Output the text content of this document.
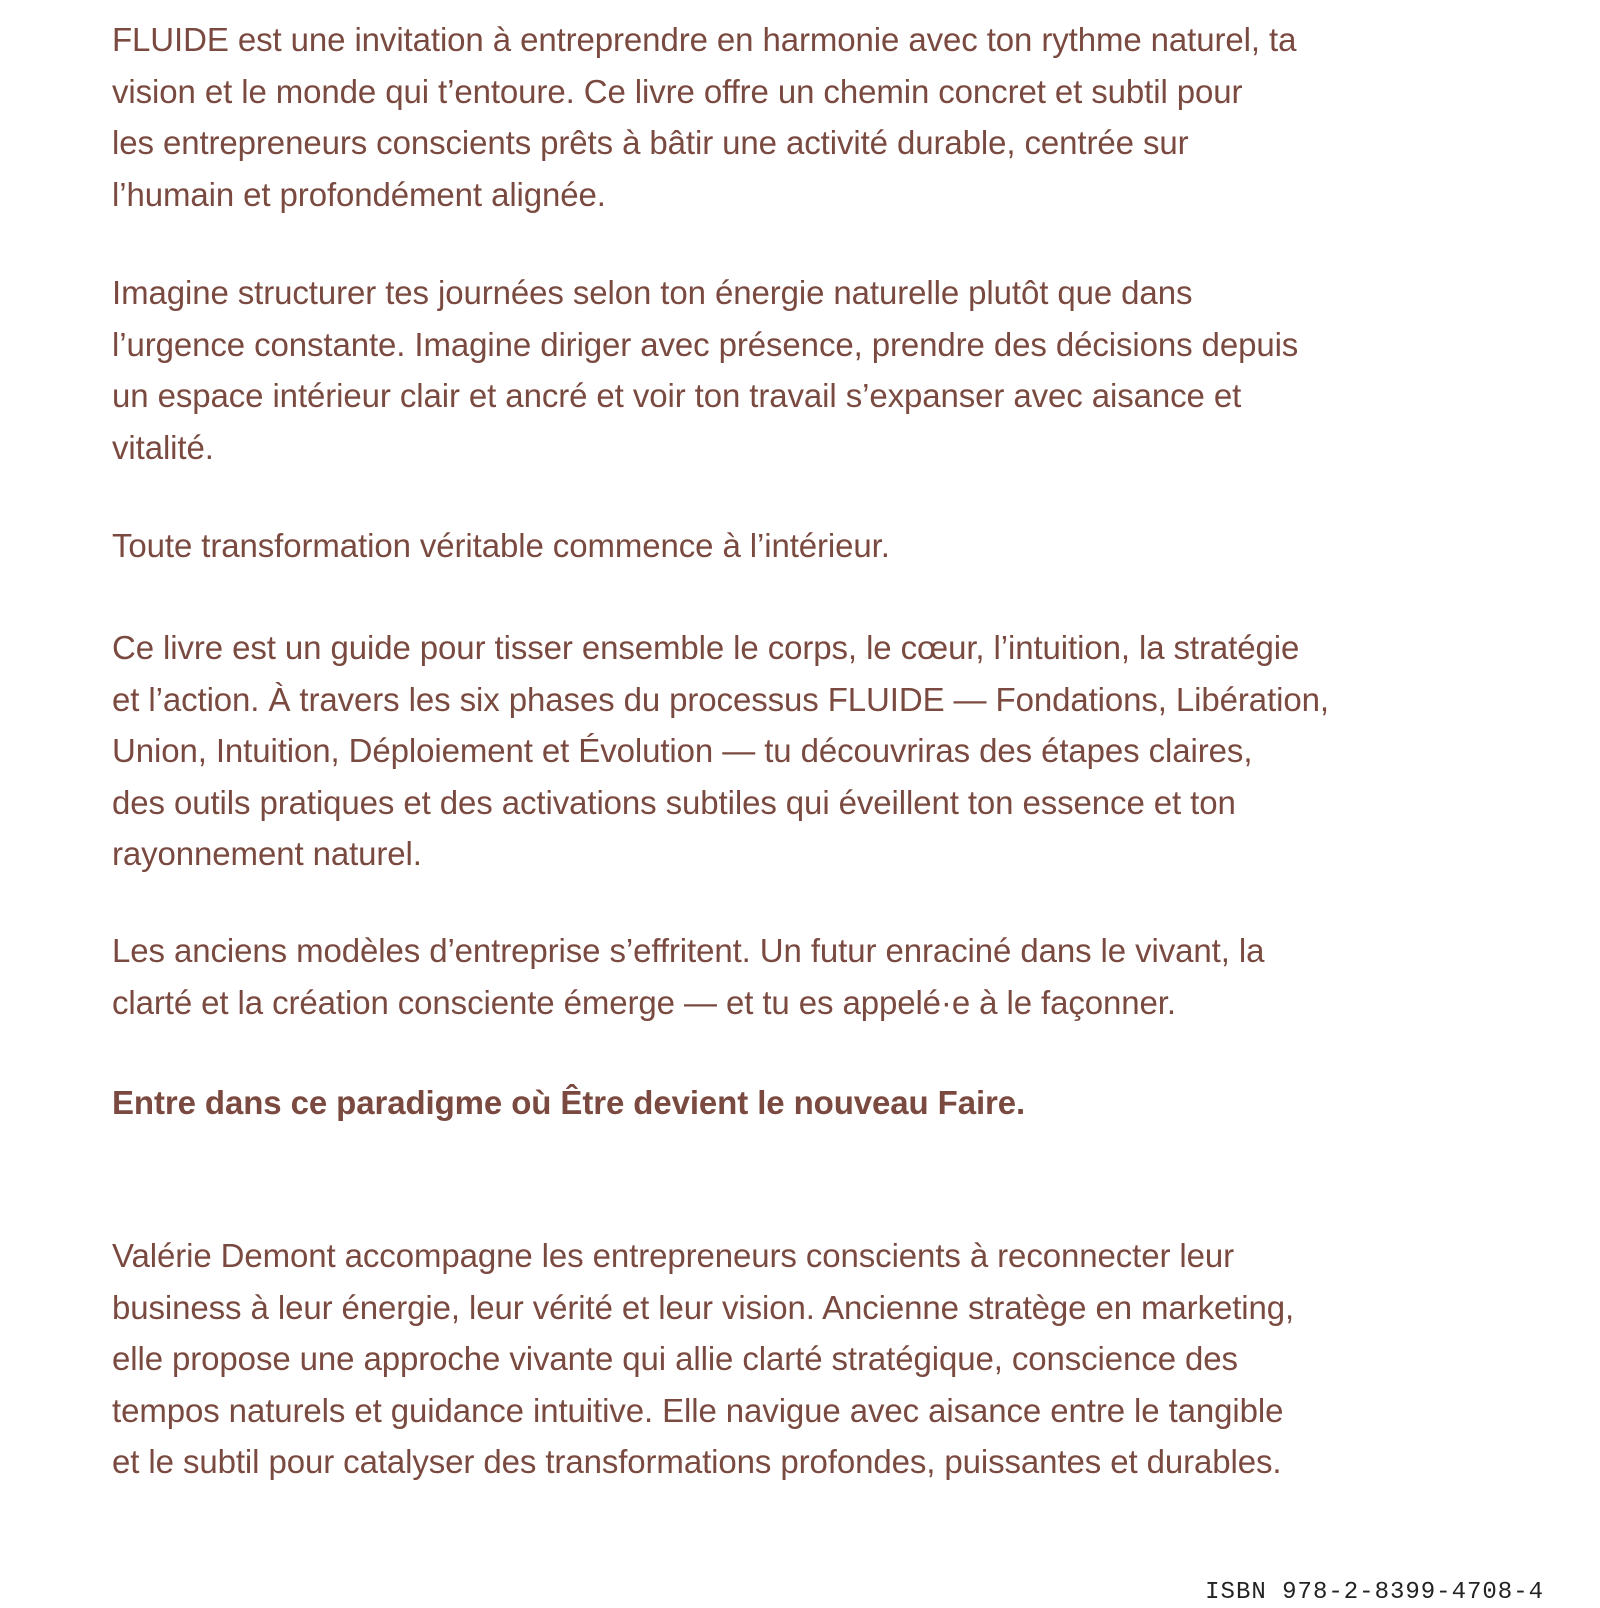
FLUIDE est une invitation à entreprendre en harmonie avec ton rythme naturel, ta
vision et le monde qui t’entoure. Ce livre offre un chemin concret et subtil pour
les entrepreneurs conscients prêts à bâtir une activité durable, centrée sur
l’humain et profondément alignée.

Imagine structurer tes journées selon ton énergie naturelle plutôt que dans
l’urgence constante. Imagine diriger avec présence, prendre des décisions depuis
un espace intérieur clair et ancré et voir ton travail s’expanser avec aisance et
vitalité.

Toute transformation véritable commence à l’intérieur.

Ce livre est un guide pour tisser ensemble le corps, le cœur, l’intuition, la stratégie
et l’action. À travers les six phases du processus FLUIDE — Fondations, Libération,
Union, Intuition, Déploiement et Évolution — tu découvriras des étapes claires,
des outils pratiques et des activations subtiles qui éveillent ton essence et ton
rayonnement naturel.

Les anciens modèles d’entreprise s’effritent. Un futur enraciné dans le vivant, la
clarté et la création consciente émerge — et tu es appelé·e à le façonner.

Entre dans ce paradigme où Être devient le nouveau Faire.

Valérie Demont accompagne les entrepreneurs conscients à reconnecter leur
business à leur énergie, leur vérité et leur vision. Ancienne stratège en marketing,
elle propose une approche vivante qui allie clarté stratégique, conscience des
tempos naturels et guidance intuitive. Elle navigue avec aisance entre le tangible
et le subtil pour catalyser des transformations profondes, puissantes et durables.

ISBN 978-2-8399-4708-4
